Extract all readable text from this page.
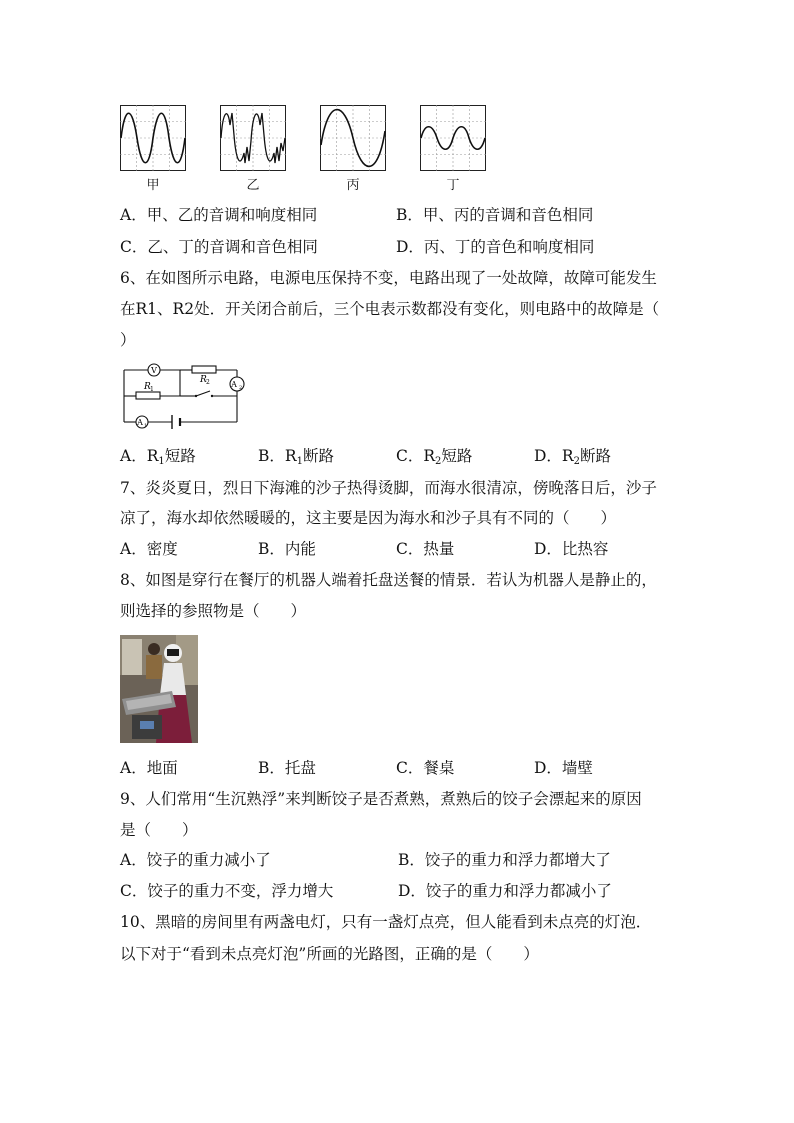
甲	乙	丙	丁
A．甲、乙的音调和响度相同	B．甲、丙的音调和音色相同
C．乙、丁的音调和音色相同	D．丙、丁的音色和响度相同
6、在如图所示电路，电源电压保持不变，电路出现了一处故障，故障可能发生
在R1、R2处．开关闭合前后，三个电表示数都没有变化，则电路中的故障是（
）
V
R 1
R 2	A 2
A 1
A．R1短路	B．R1断路	C．R2短路	D．R2断路
7、炎炎夏日，烈日下海滩的沙子热得烫脚，而海水很清凉，傍晚落日后，沙子
凉了，海水却依然暖暖的，这主要是因为海水和沙子具有不同的（　　）
A．密度	B．内能	C．热量	D．比热容
8、如图是穿行在餐厅的机器人端着托盘送餐的情景．若认为机器人是静止的，
则选择的参照物是（　　）
A．地面	B．托盘	C．餐桌	D．墙壁
9、人们常用“生沉熟浮”来判断饺子是否煮熟，煮熟后的饺子会漂起来的原因
是（　　）
A．饺子的重力减小了	B．饺子的重力和浮力都增大了
C．饺子的重力不变，浮力增大	D．饺子的重力和浮力都减小了
10、黑暗的房间里有两盏电灯，只有一盏灯点亮，但人能看到未点亮的灯泡．
以下对于“看到未点亮灯泡”所画的光路图，正确的是（　　）
